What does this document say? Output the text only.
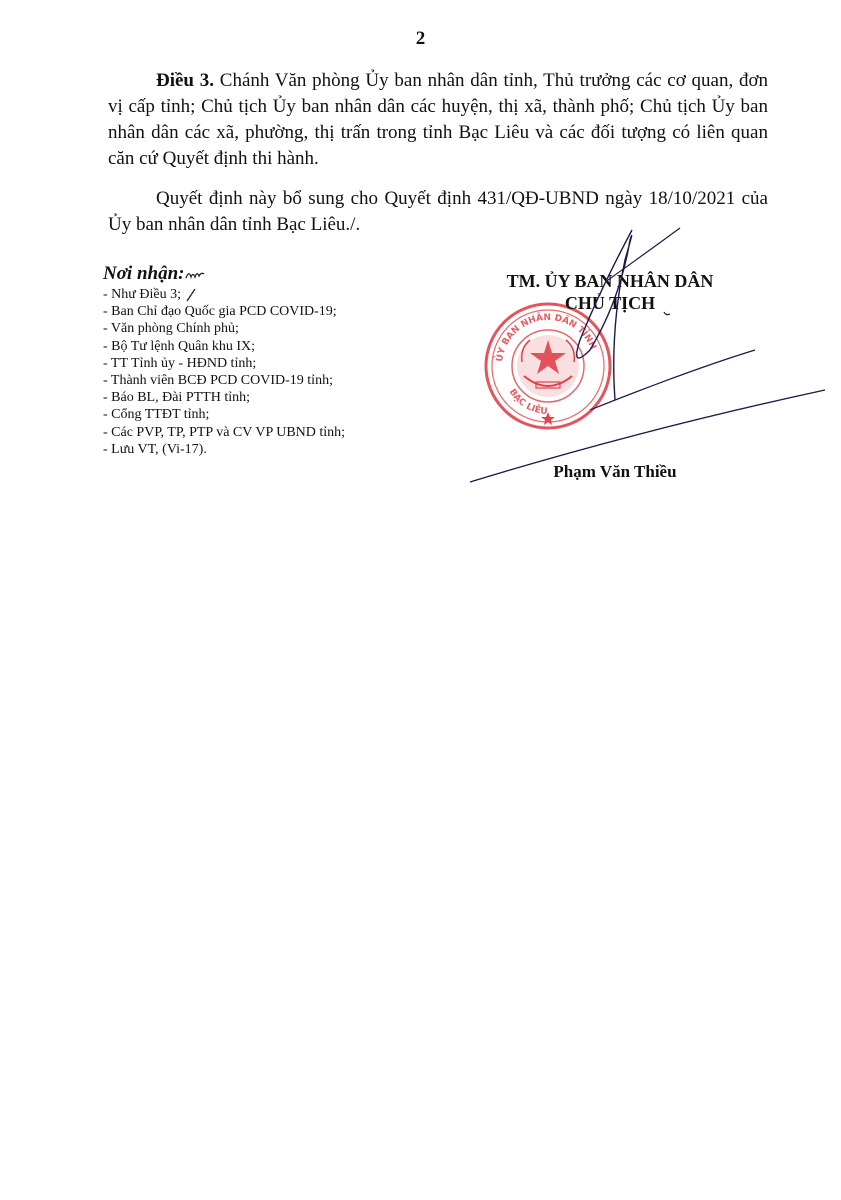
2

Điều 3. Chánh Văn phòng Ủy ban nhân dân tỉnh, Thủ trưởng các cơ quan, đơn vị cấp tỉnh; Chủ tịch Ủy ban nhân dân các huyện, thị xã, thành phố; Chủ tịch Ủy ban nhân dân các xã, phường, thị trấn trong tỉnh Bạc Liêu và các đối tượng có liên quan căn cứ Quyết định thi hành.

Quyết định này bổ sung cho Quyết định 431/QĐ-UBND ngày 18/10/2021 của Ủy ban nhân dân tỉnh Bạc Liêu./.

Nơi nhận:
- Như Điều 3;
- Ban Chỉ đạo Quốc gia PCD COVID-19;
- Văn phòng Chính phủ;
- Bộ Tư lệnh Quân khu IX;
- TT Tỉnh ủy - HĐND tỉnh;
- Thành viên BCĐ PCD COVID-19 tỉnh;
- Báo BL, Đài PTTH tỉnh;
- Cổng TTĐT tỉnh;
- Các PVP, TP, PTP và CV VP UBND tỉnh;
- Lưu VT, (Vi-17).
ỦY BAN NHÂN DÂN TỈNH
BẠC LIÊU
TM. ỦY BAN NHÂN DÂN
CHỦ TỊCH
Phạm Văn Thiều
